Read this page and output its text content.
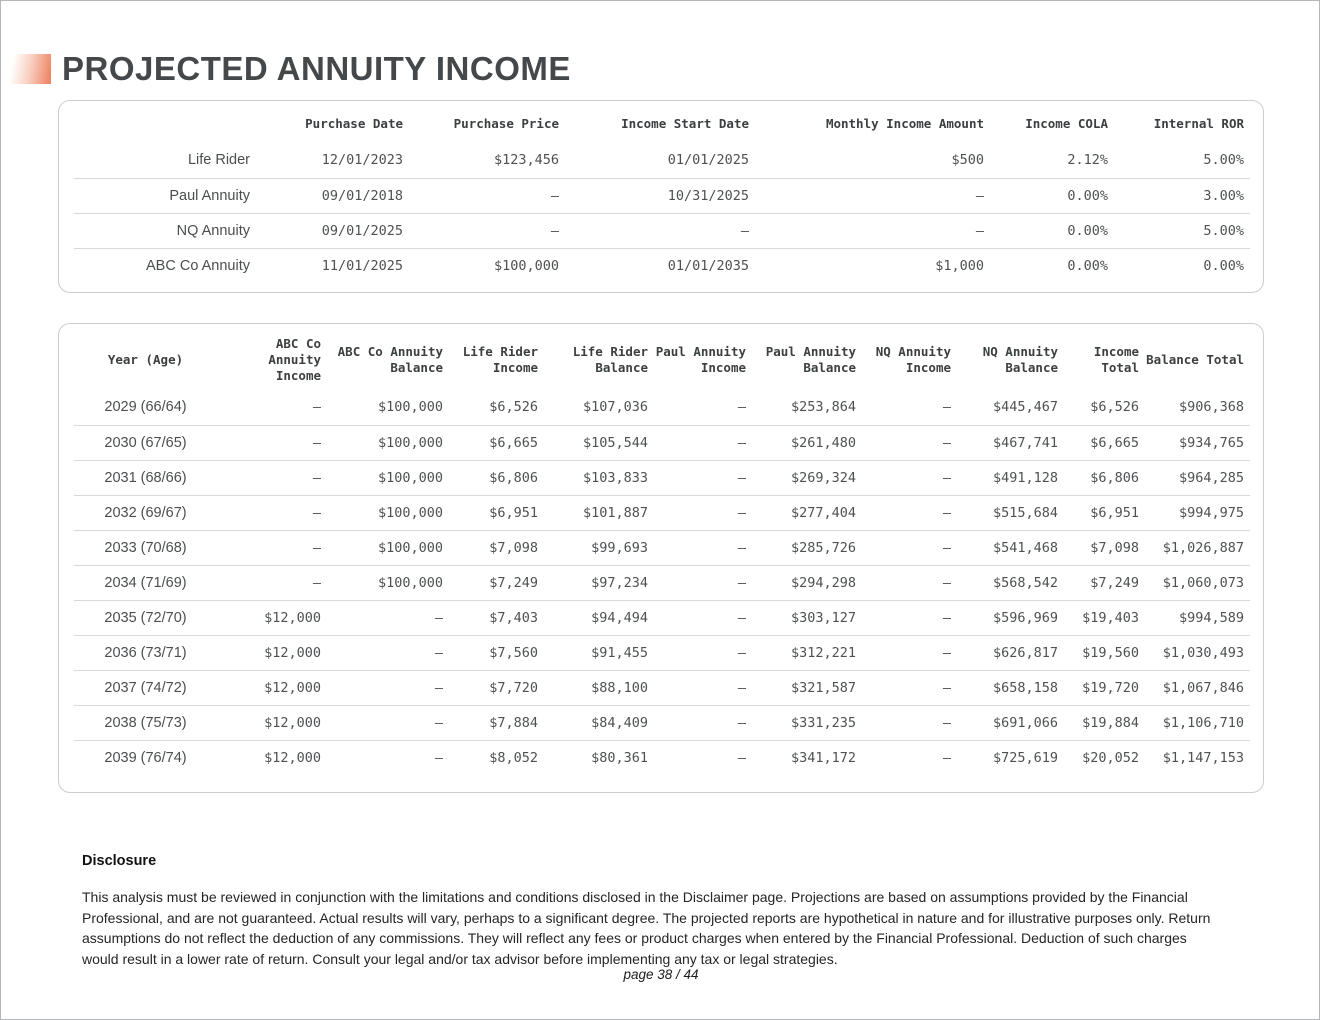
PROJECTED ANNUITY INCOME
	Purchase Date	Purchase Price	Income Start Date	Monthly Income Amount	Income COLA	Internal ROR
Life Rider	12/01/2023	$123,456	01/01/2025	$500	2.12%	5.00%
Paul Annuity	09/01/2018	–	10/31/2025	–	0.00%	3.00%
NQ Annuity	09/01/2025	–	–	–	0.00%	5.00%
ABC Co Annuity	11/01/2025	$100,000	01/01/2035	$1,000	0.00%	0.00%
Year (Age)	ABC Co Annuity Income	ABC Co Annuity Balance	Life Rider Income	Life Rider Balance	Paul Annuity Income	Paul Annuity Balance	NQ Annuity Income	NQ Annuity Balance	Income Total	Balance Total
2029 (66/64)	–	$100,000	$6,526	$107,036	–	$253,864	–	$445,467	$6,526	$906,368
2030 (67/65)	–	$100,000	$6,665	$105,544	–	$261,480	–	$467,741	$6,665	$934,765
2031 (68/66)	–	$100,000	$6,806	$103,833	–	$269,324	–	$491,128	$6,806	$964,285
2032 (69/67)	–	$100,000	$6,951	$101,887	–	$277,404	–	$515,684	$6,951	$994,975
2033 (70/68)	–	$100,000	$7,098	$99,693	–	$285,726	–	$541,468	$7,098	$1,026,887
2034 (71/69)	–	$100,000	$7,249	$97,234	–	$294,298	–	$568,542	$7,249	$1,060,073
2035 (72/70)	$12,000	–	$7,403	$94,494	–	$303,127	–	$596,969	$19,403	$994,589
2036 (73/71)	$12,000	–	$7,560	$91,455	–	$312,221	–	$626,817	$19,560	$1,030,493
2037 (74/72)	$12,000	–	$7,720	$88,100	–	$321,587	–	$658,158	$19,720	$1,067,846
2038 (75/73)	$12,000	–	$7,884	$84,409	–	$331,235	–	$691,066	$19,884	$1,106,710
2039 (76/74)	$12,000	–	$8,052	$80,361	–	$341,172	–	$725,619	$20,052	$1,147,153
Disclosure

This analysis must be reviewed in conjunction with the limitations and conditions disclosed in the Disclaimer page. Projections are based on assumptions provided by the Financial Professional, and are not guaranteed. Actual results will vary, perhaps to a significant degree. The projected reports are hypothetical in nature and for illustrative purposes only. Return assumptions do not reflect the deduction of any commissions. They will reflect any fees or product charges when entered by the Financial Professional. Deduction of such charges would result in a lower rate of return. Consult your legal and/or tax advisor before implementing any tax or legal strategies.

page 38 / 44
